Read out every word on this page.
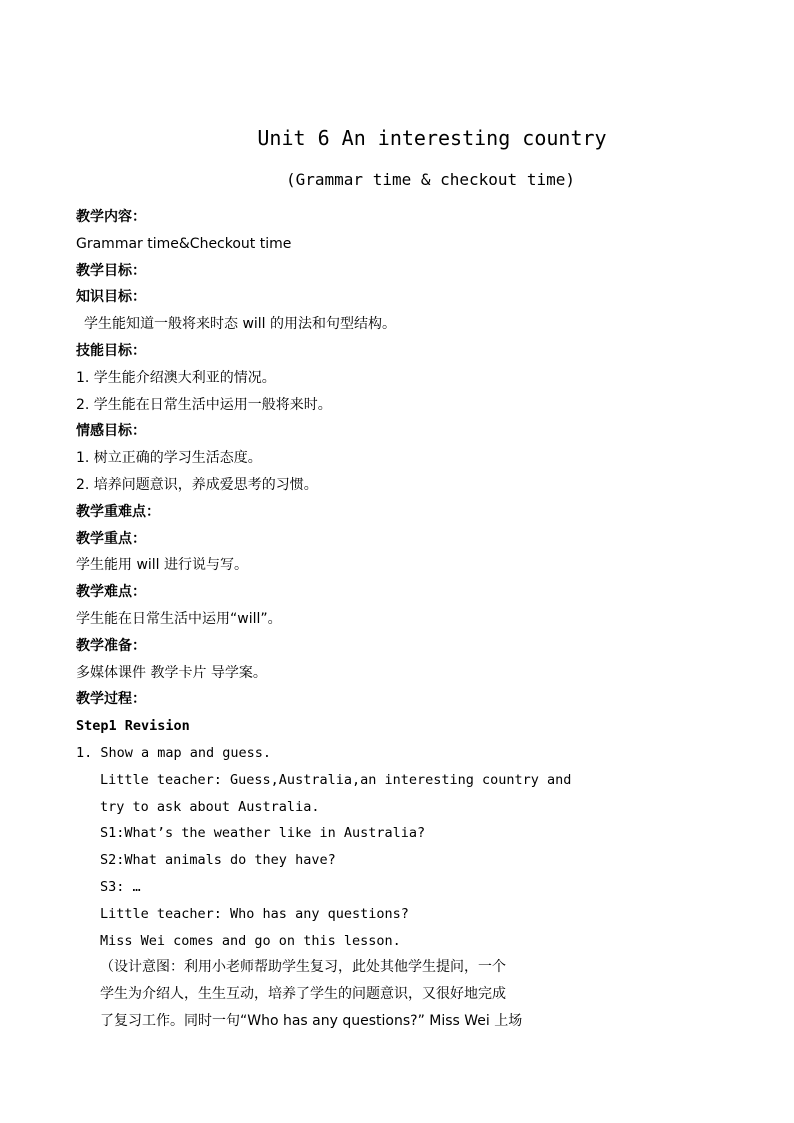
Unit 6 An interesting country
(Grammar time & checkout time)
教学内容：
Grammar time&Checkout time
教学目标：
知识目标：
学生能知道一般将来时态 will 的用法和句型结构。
技能目标：
1. 学生能介绍澳大利亚的情况。
2. 学生能在日常生活中运用一般将来时。
情感目标：
1. 树立正确的学习生活态度。
2. 培养问题意识，养成爱思考的习惯。
教学重难点：
教学重点：
学生能用 will 进行说与写。
教学难点：
学生能在日常生活中运用“will”。
教学准备：
多媒体课件 教学卡片 导学案。
教学过程：
Step1 Revision
1. Show a map and guess.
Little teacher: Guess,Australia,an interesting country and
try to ask about Australia.
S1:What’s the weather like in Australia?
S2:What animals do they have?
S3: …
Little teacher: Who has any questions?
Miss Wei comes and go on this lesson.
（设计意图：利用小老师帮助学生复习，此处其他学生提问，一个
学生为介绍人，生生互动，培养了学生的问题意识，又很好地完成
了复习工作。同时一句“Who has any questions?” Miss Wei 上场
